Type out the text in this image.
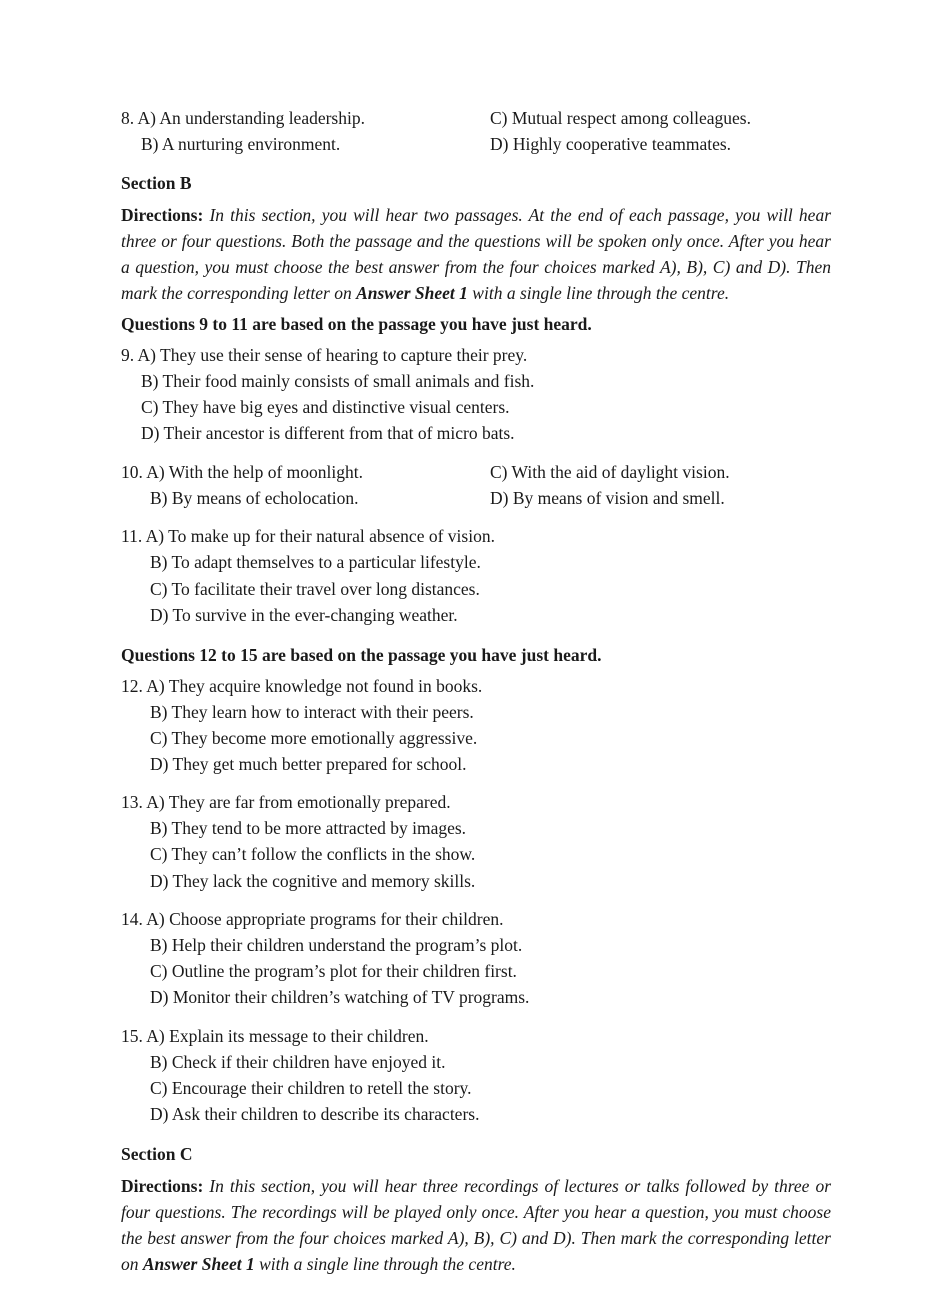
8. A) An understanding leadership.	C) Mutual respect among colleagues.
B) A nurturing environment.	D) Highly cooperative teammates.
Section B
Directions: In this section, you will hear two passages. At the end of each passage, you will hear three or four questions. Both the passage and the questions will be spoken only once. After you hear a question, you must choose the best answer from the four choices marked A), B), C) and D). Then mark the corresponding letter on Answer Sheet 1 with a single line through the centre.
Questions 9 to 11 are based on the passage you have just heard.
9. A) They use their sense of hearing to capture their prey.
B) Their food mainly consists of small animals and fish.
C) They have big eyes and distinctive visual centers.
D) Their ancestor is different from that of micro bats.
10. A) With the help of moonlight.	C) With the aid of daylight vision.
B) By means of echolocation.	D) By means of vision and smell.
11. A) To make up for their natural absence of vision.
B) To adapt themselves to a particular lifestyle.
C) To facilitate their travel over long distances.
D) To survive in the ever-changing weather.
Questions 12 to 15 are based on the passage you have just heard.
12. A) They acquire knowledge not found in books.
B) They learn how to interact with their peers.
C) They become more emotionally aggressive.
D) They get much better prepared for school.
13. A) They are far from emotionally prepared.
B) They tend to be more attracted by images.
C) They can’t follow the conflicts in the show.
D) They lack the cognitive and memory skills.
14. A) Choose appropriate programs for their children.
B) Help their children understand the program’s plot.
C) Outline the program’s plot for their children first.
D) Monitor their children’s watching of TV programs.
15. A) Explain its message to their children.
B) Check if their children have enjoyed it.
C) Encourage their children to retell the story.
D) Ask their children to describe its characters.
Section C
Directions: In this section, you will hear three recordings of lectures or talks followed by three or four questions. The recordings will be played only once. After you hear a question, you must choose the best answer from the four choices marked A), B), C) and D). Then mark the corresponding letter on Answer Sheet 1 with a single line through the centre.
